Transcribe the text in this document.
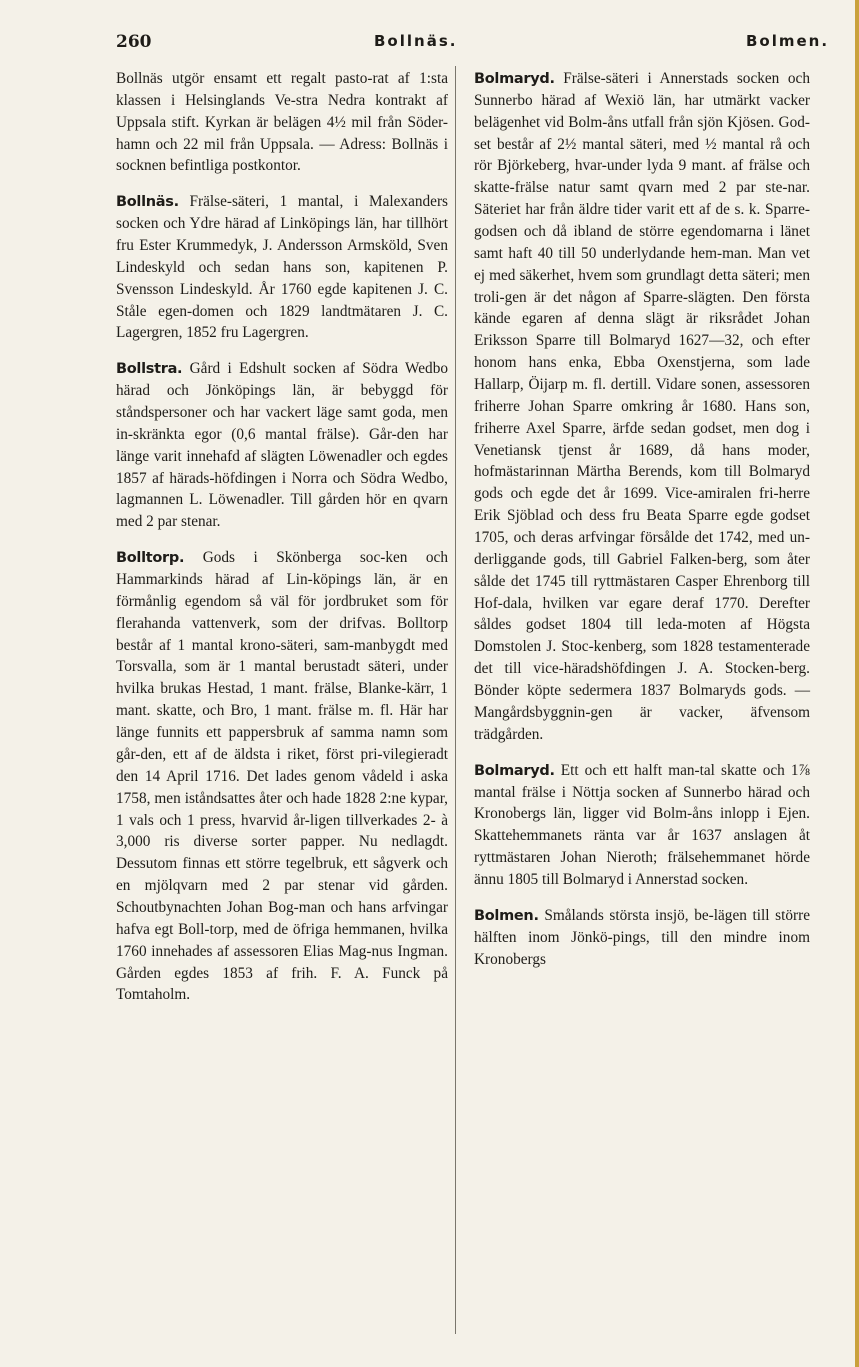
260	Bollnäs.	Bolmen.

Bollnäs utgör ensamt ett regalt pasto-rat af 1:sta klassen i Helsinglands Ve-stra Nedra kontrakt af Uppsala stift. Kyrkan är belägen 4½ mil från Söder-hamn och 22 mil från Uppsala. — Adress: Bollnäs i socknen befintliga postkontor.

Bollnäs. Frälse-säteri, 1 mantal, i Malexanders socken och Ydre härad af Linköpings län, har tillhört fru Ester Krummedyk, J. Andersson Armsköld, Sven Lindeskyld och sedan hans son, kapitenen P. Svensson Lindeskyld. År 1760 egde kapitenen J. C. Ståle egen-domen och 1829 landtmätaren J. C. Lagergren, 1852 fru Lagergren.

Bollstra. Gård i Edshult socken af Södra Wedbo härad och Jönköpings län, är bebyggd för ståndspersoner och har vackert läge samt goda, men in-skränkta egor (0,6 mantal frälse). Går-den har länge varit innehafd af slägten Löwenadler och egdes 1857 af härads-höfdingen i Norra och Södra Wedbo, lagmannen L. Löwenadler. Till gården hör en qvarn med 2 par stenar.

Bolltorp. Gods i Skönberga soc-ken och Hammarkinds härad af Lin-köpings län, är en förmånlig egendom så väl för jordbruket som för flerahanda vattenverk, som der drifvas. Bolltorp består af 1 mantal krono-säteri, sam-manbygdt med Torsvalla, som är 1 mantal berustadt säteri, under hvilka brukas Hestad, 1 mant. frälse, Blanke-kärr, 1 mant. skatte, och Bro, 1 mant. frälse m. fl. Här har länge funnits ett pappersbruk af samma namn som går-den, ett af de äldsta i riket, först pri-vilegieradt den 14 April 1716. Det lades genom vådeld i aska 1758, men iståndsattes åter och hade 1828 2:ne kypar, 1 vals och 1 press, hvarvid år-ligen tillverkades 2- à 3,000 ris diverse sorter papper. Nu nedlagdt. Dessutom finnas ett större tegelbruk, ett sågverk och en mjölqvarn med 2 par stenar vid gården. Schoutbynachten Johan Bog-man och hans arfvingar hafva egt Boll-torp, med de öfriga hemmanen, hvilka 1760 innehades af assessoren Elias Mag-nus Ingman. Gården egdes 1853 af frih. F. A. Funck på Tomtaholm.

Bolmaryd. Frälse-säteri i Annerstads socken och Sunnerbo härad af Wexiö län, har utmärkt vacker belägenhet vid Bolm-åns utfall från sjön Kjösen. God-set består af 2½ mantal säteri, med ½ mantal rå och rör Björkeberg, hvar-under lyda 9 mant. af frälse och skatte-frälse natur samt qvarn med 2 par ste-nar. Säteriet har från äldre tider varit ett af de s. k. Sparre-godsen och då ibland de större egendomarna i länet samt haft 40 till 50 underlydande hem-man. Man vet ej med säkerhet, hvem som grundlagt detta säteri; men troli-gen är det någon af Sparre-slägten. Den första kände egaren af denna slägt är riksrådet Johan Eriksson Sparre till Bolmaryd 1627—32, och efter honom hans enka, Ebba Oxenstjerna, som lade Hallarp, Öijarp m. fl. dertill. Vidare sonen, assessoren friherre Johan Sparre omkring år 1680. Hans son, friherre Axel Sparre, ärfde sedan godset, men dog i Venetiansk tjenst år 1689, då hans moder, hofmästarinnan Märtha Berends, kom till Bolmaryd gods och egde det år 1699. Vice-amiralen fri-herre Erik Sjöblad och dess fru Beata Sparre egde godset 1705, och deras arfvingar försålde det 1742, med un-derliggande gods, till Gabriel Falken-berg, som åter sålde det 1745 till ryttmästaren Casper Ehrenborg till Hof-dala, hvilken var egare deraf 1770. Derefter såldes godset 1804 till leda-moten af Högsta Domstolen J. Stoc-kenberg, som 1828 testamenterade det till vice-häradshöfdingen J. A. Stocken-berg. Bönder köpte sedermera 1837 Bolmaryds gods. — Mangårdsbyggnin-gen är vacker, äfvensom trädgården.

Bolmaryd. Ett och ett halft man-tal skatte och 1⅞ mantal frälse i Nöttja socken af Sunnerbo härad och Kronobergs län, ligger vid Bolm-åns inlopp i Ejen. Skattehemmanets ränta var år 1637 anslagen åt ryttmästaren Johan Nieroth; frälsehemmanet hörde ännu 1805 till Bolmaryd i Annerstad socken.

Bolmen. Smålands största insjö, be-lägen till större hälften inom Jönkö-pings, till den mindre inom Kronobergs
